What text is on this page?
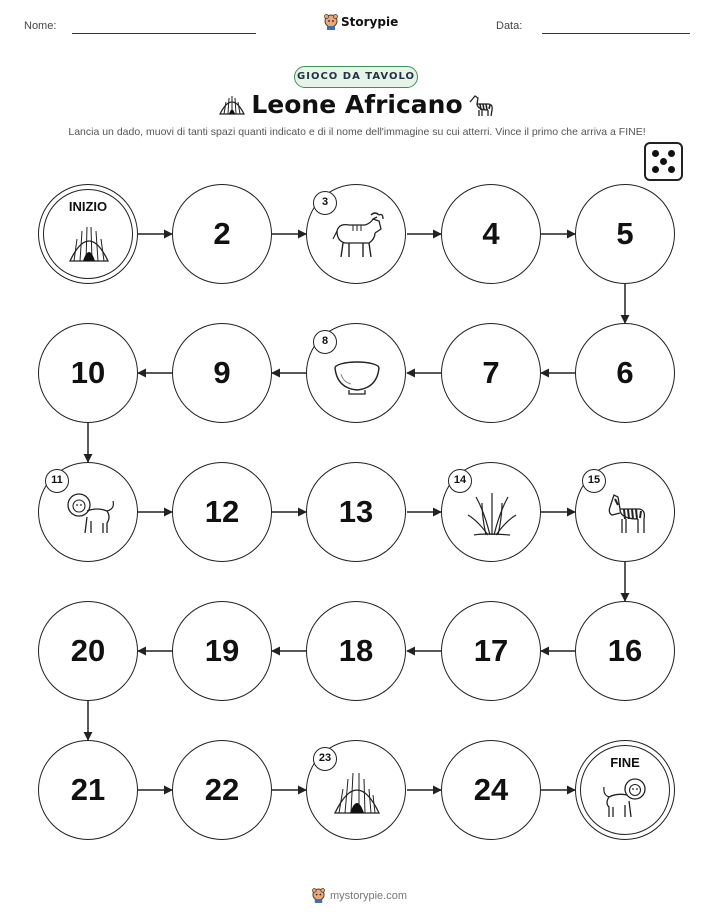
Nome:	Storypie	Data:
GIOCO DA TAVOLO
Leone Africano
Lancia un dado, muovi di tanti spazi quanti indicato e di il nome dell'immagine su cui atterri. Vince il primo che arriva a FINE!
INIZIO
2
3
4	5
6
7
8
9
10
11
12	13
14	15
16
17
18
19
20
21	22
23
24
FINE
mystorypie.com
